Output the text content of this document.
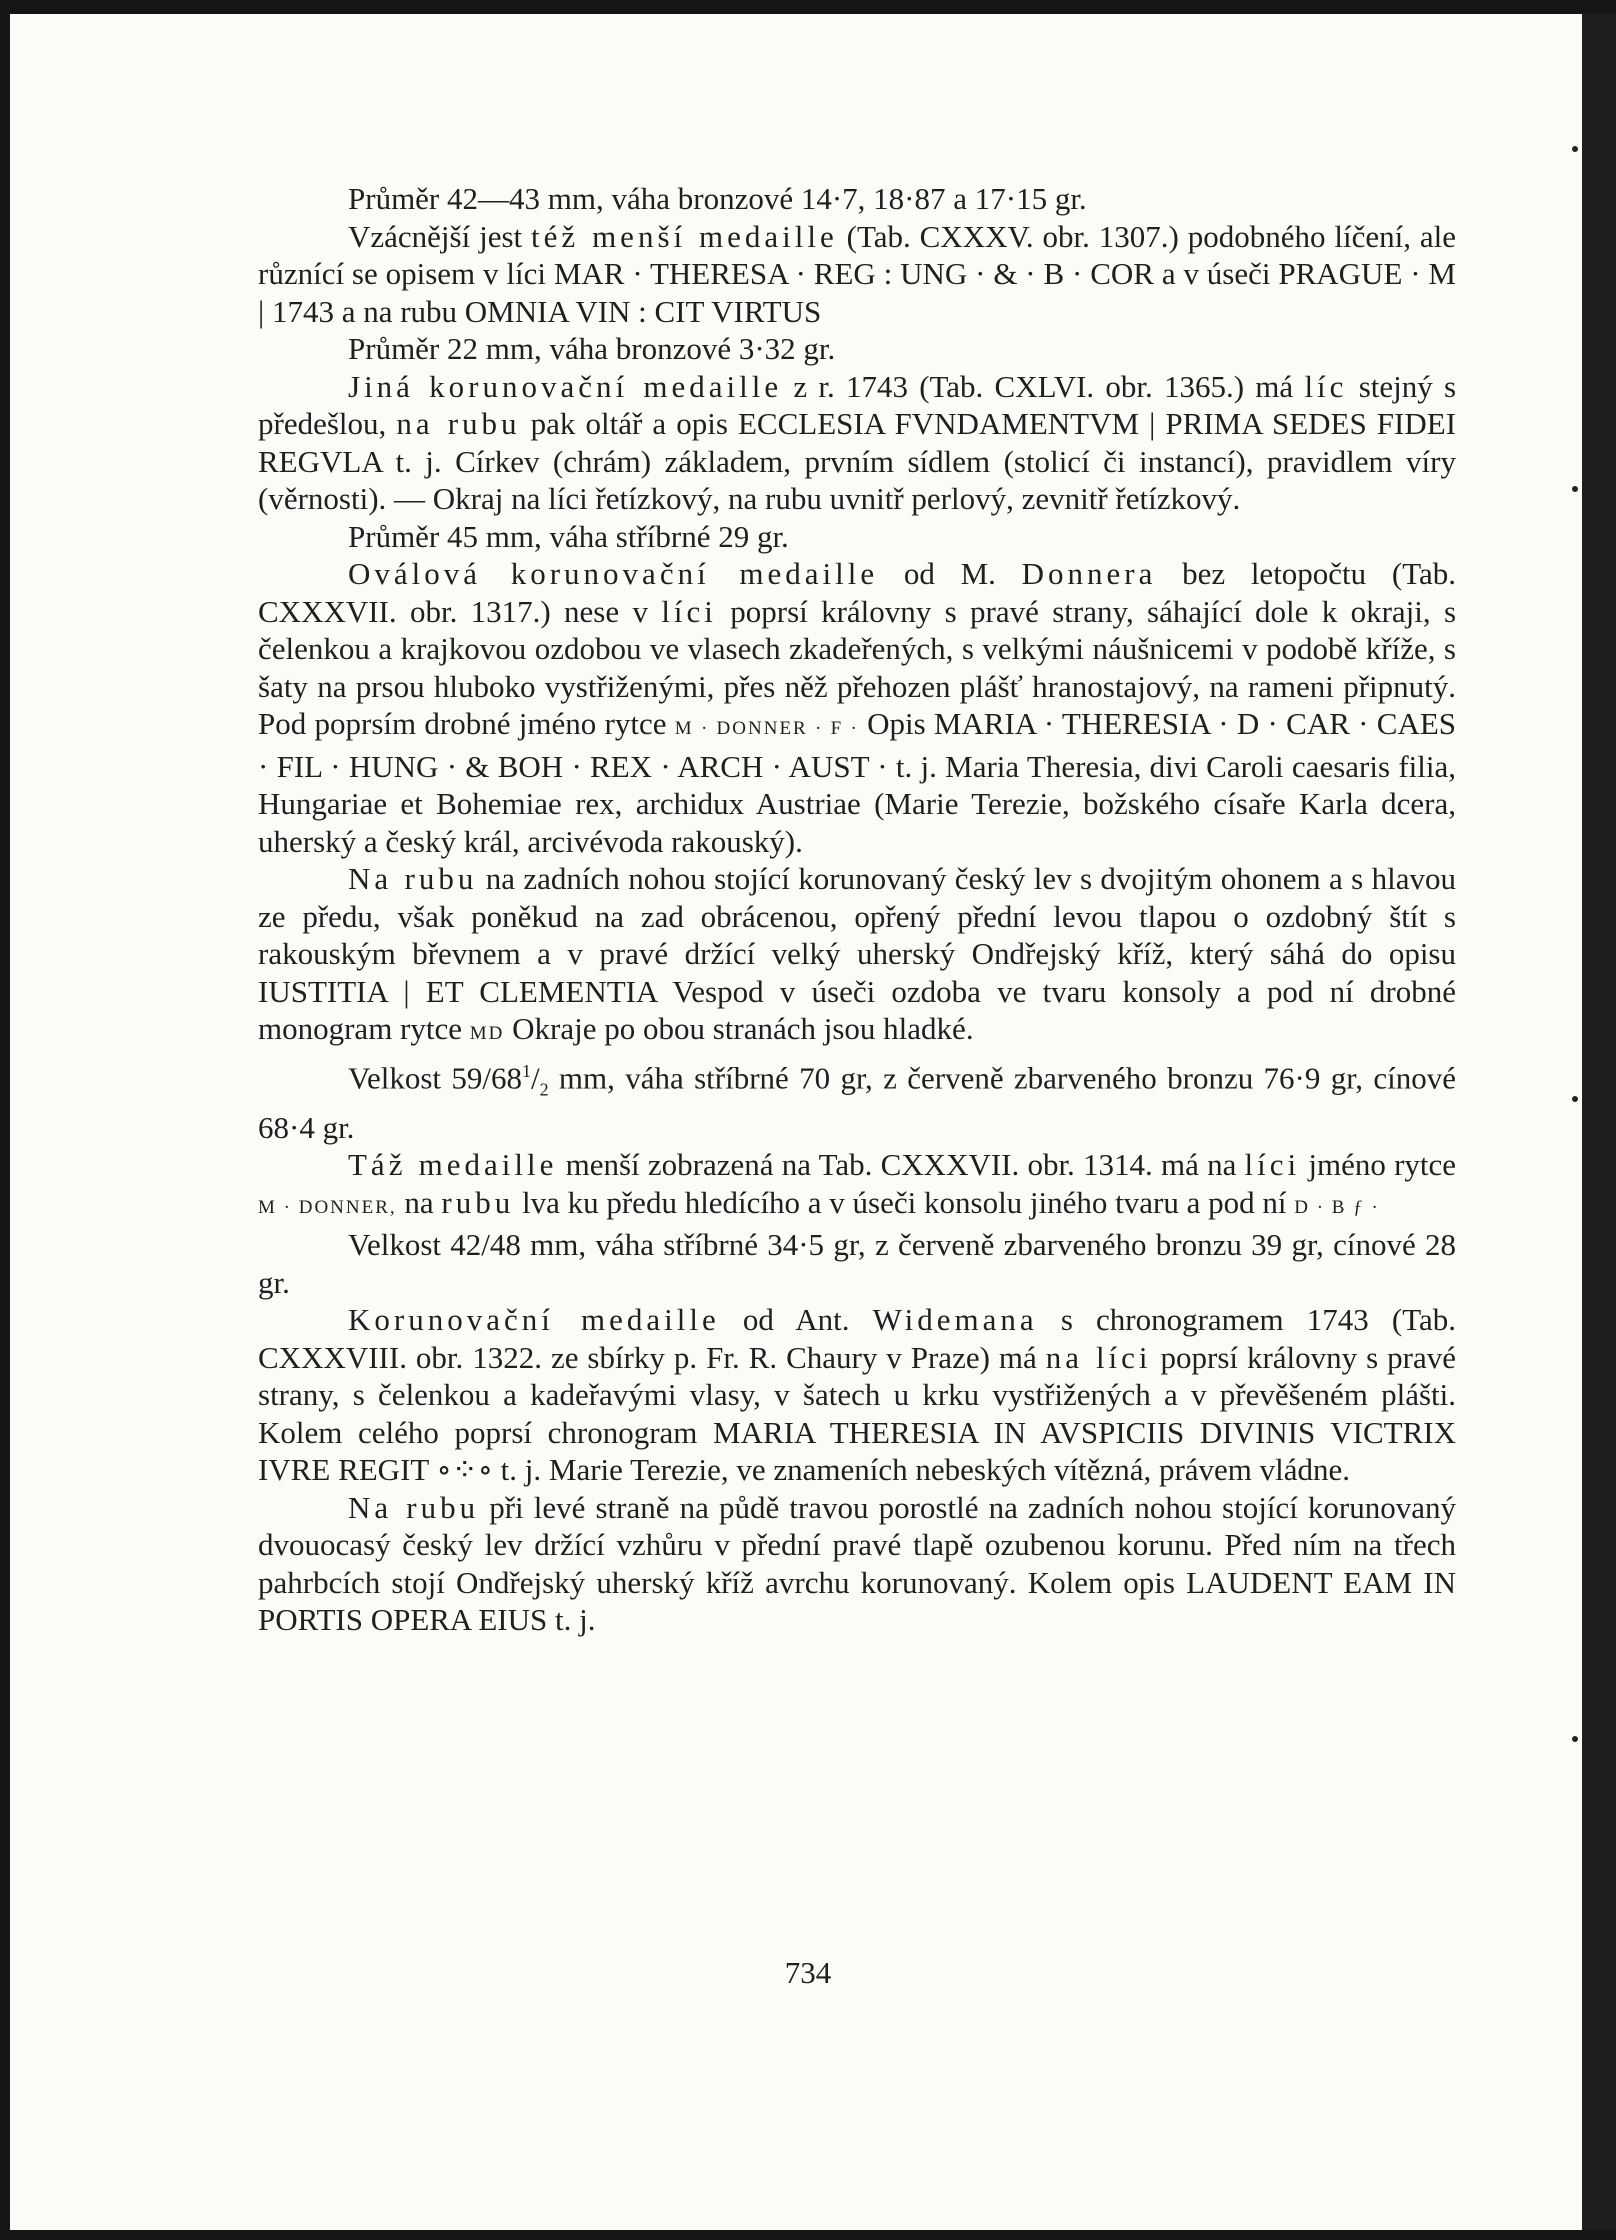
Průměr 42—43 mm, váha bronzové 14·7, 18·87 a 17·15 gr.

Vzácnější jest též menší medaille (Tab. CXXXV. obr. 1307.) podobného líčení, ale různící se opisem v líci MAR · THERESA · REG : UNG · & · B · COR a v úseči PRAGUE · M | 1743 a na rubu OMNIA VIN : CIT VIRTUS

Průměr 22 mm, váha bronzové 3·32 gr.

Jiná korunovační medaille z r. 1743 (Tab. CXLVI. obr. 1365.) má líc stejný s předešlou, na rubu pak oltář a opis ECCLESIA FVNDAMENTVM | PRIMA SEDES FIDEI REGVLA t. j. Církev (chrám) základem, prvním sídlem (stolicí či instancí), pravidlem víry (věrnosti). — Okraj na líci řetízkový, na rubu uvnitř perlový, zevnitř řetízkový.

Průměr 45 mm, váha stříbrné 29 gr.

Oválová korunovační medaille od M. Donnera bez letopočtu (Tab. CXXXVII. obr. 1317.) nese v líci poprsí královny s pravé strany, sáhající dole k okraji, s čelenkou a krajkovou ozdobou ve vlasech zkadeřených, s velkými náušnicemi v podobě kříže, s šaty na prsou hluboko vystřiženými, přes něž přehozen plášť hranostajový, na rameni připnutý. Pod poprsím drobné jméno rytce M · DONNER · F · Opis MARIA · THERESIA · D · CAR · CAES · FIL · HUNG · & BOH · REX · ARCH · AUST · t. j. Maria Theresia, divi Caroli caesaris filia, Hungariae et Bohemiae rex, archidux Austriae (Marie Terezie, božského císaře Karla dcera, uherský a český král, arcivévoda rakouský).

Na rubu na zadních nohou stojící korunovaný český lev s dvojitým ohonem a s hlavou ze předu, však poněkud na zad obrácenou, opřený přední levou tlapou o ozdobný štít s rakouským břevnem a v pravé držící velký uherský Ondřejský kříž, který sáhá do opisu IUSTITIA | ET CLEMENTIA Vespod v úseči ozdoba ve tvaru konsoly a pod ní drobné monogram rytce MD Okraje po obou stranách jsou hladké.

Velkost $59/68^1/_2$ mm, váha stříbrné 70 gr, z červeně zbarveného bronzu 76·9 gr, cínové 68·4 gr.

Táž medaille menší zobrazená na Tab. CXXXVII. obr. 1314. má na líci jméno rytce M · DONNER, na rubu lva ku předu hledícího a v úseči konsolu jiného tvaru a pod ní D · B ƒ ·

Velkost 42/48 mm, váha stříbrné 34·5 gr, z červeně zbarveného bronzu 39 gr, cínové 28 gr.

Korunovační medaille od Ant. Widemana s chronogramem 1743 (Tab. CXXXVIII. obr. 1322. ze sbírky p. Fr. R. Chaury v Praze) má na líci poprsí královny s pravé strany, s čelenkou a kadeřavými vlasy, v šatech u krku vystřižených a v převěšeném plášti. Kolem celého poprsí chronogram MARIA THERESIA IN AVSPICIIS DIVINIS VICTRIX IVRE REGIT ∘⁘∘ t. j. Marie Terezie, ve znameních nebeských vítězná, právem vládne.

Na rubu při levé straně na půdě travou porostlé na zadních nohou stojící korunovaný dvouocasý český lev držící vzhůru v přední pravé tlapě ozubenou korunu. Před ním na třech pahrbcích stojí Ondřejský uherský kříž avrchu korunovaný. Kolem opis LAUDENT EAM IN PORTIS OPERA EIUS t. j.

734
